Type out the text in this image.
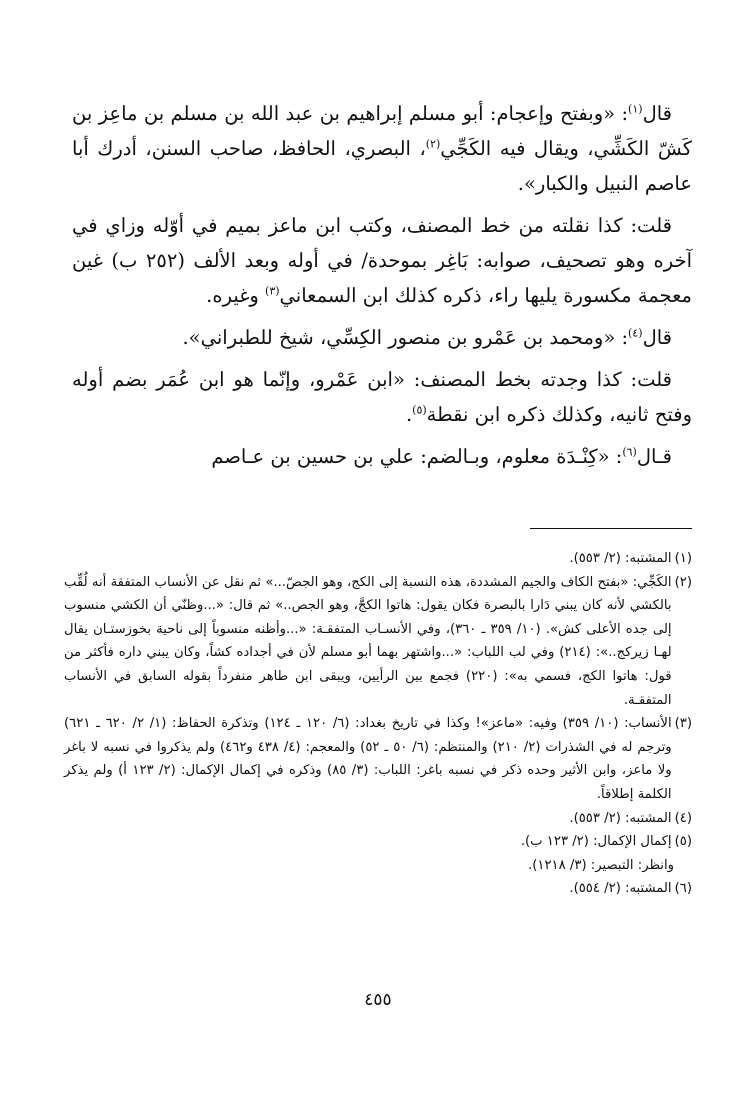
قال$^{(١)}$: «وبفتح وإعجام: أبو مسلم إبراهيم بن عبد الله بن مسلم بن ماعِز بن كَشّ الكَشِّي، ويقال فيه الكَجِّي$^{(٢)}$، البصري، الحافظ، صاحب السنن، أدرك أبا عاصم النبيل والكبار».

قلت: كذا نقلته من خط المصنف، وكتب ابن ماعز بميم في أوّله وزاي في آخره وهو تصحيف، صوابه: بَاغِر بموحدة/ في أوله وبعد الألف (٢٥٢ ب) غين معجمة مكسورة يليها راء، ذكره كذلك ابن السمعاني$^{(٣)}$ وغيره.

قال$^{(٤)}$: «ومحمد بن عَمْرو بن منصور الكِسِّي، شيخ للطبراني».

قلت: كذا وجدته بخط المصنف: «ابن عَمْرو، وإنّما هو ابن عُمَر بضم أوله وفتح ثانيه، وكذلك ذكره ابن نقطة$^{(٥)}$.

قـال$^{(٦)}$: «كِنْـدَة معلوم، وبـالضم: علي بن حسين بن عـاصم

(١)
المشتبه: (٢/ ٥٥٣).
(٢)
الكَجِّي: «بفتح الكاف والجيم المشددة، هذه النسبة إلى الكج، وهو الجصّ...» ثم نقل عن الأنساب المتفقة أنه لُقِّب بالكشي لأنه كان يبني دَارا بالبصرة فكان يقول: هاتوا الكجَّ، وهو الجص..» ثم قال: «...وظنّي أن الكشي منسوب إلى جده الأعلى كش». (١٠/ ٣٥٩ ـ ٣٦٠)، وفي الأنسـاب المتفقـة: «...وأظنه منسوباً إلى ناحية بخوزستـان يقال لهـا زيركج..»: (٢١٤) وفي لب اللباب: «...واشتهر بهما أبو مسلم لأن في أجداده كشاً، وكان يبني داره فأكثر من قول: هاتوا الكج، فسمي به»: (٢٢٠) فجمع بين الرأيين، ويبقى ابن طاهر منفرداً بقوله السابق في الأنساب المتفقـة.
(٣)
الأنساب: (١٠/ ٣٥٩) وفيه: «ماعز»! وكذا في تاريخ بغداد: (٦/ ١٢٠ ـ ١٢٤) وتذكرة الحفاظ: (١/ ٢/ ٦٢٠ ـ ٦٢١) وترجم له في الشذرات (٢/ ٢١٠) والمنتظم: (٦/ ٥٠ ـ ٥٢) والمعجم: (٤/ ٤٣٨ و٤٦٢) ولم يذكروا في نسبه لا باغر ولا ماعز، وابن الأثير وحده ذكر في نسبه باغر: اللباب: (٣/ ٨٥) وذكره في إكمال الإكمال: (٢/ ١٢٣ أ) ولم يذكر الكلمة إطلاقاً.
(٤)
المشتبه: (٢/ ٥٥٣).
(٥)
إكمال الإكمال: (٢/ ١٢٣ ب).
وانظر: التبصير: (٣/ ١٢١٨).
(٦)
المشتبه: (٢/ ٥٥٤).
٤٥٥
